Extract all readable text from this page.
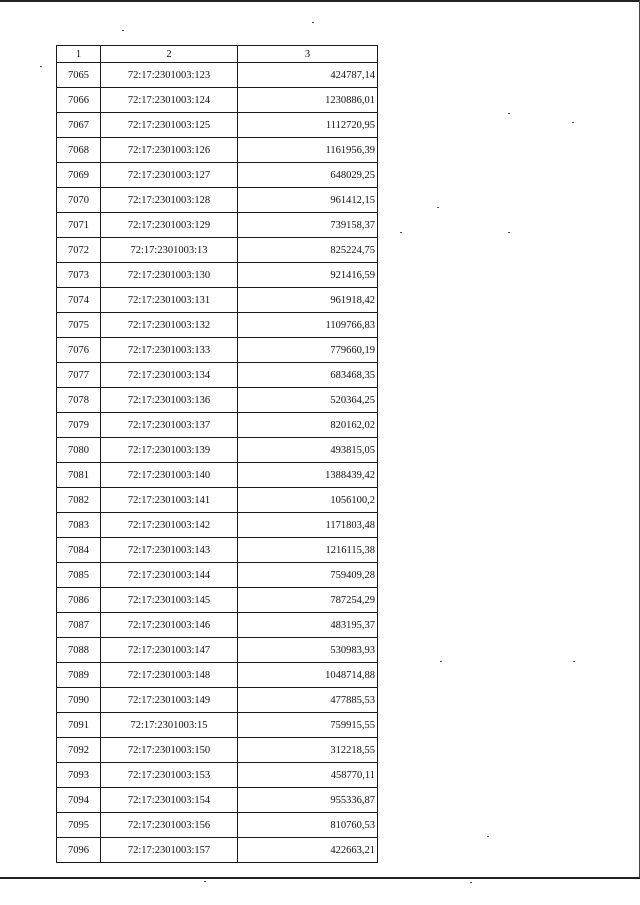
1	2	3
7065	72:17:2301003:123	424787,14
7066	72:17:2301003:124	1230886,01
7067	72:17:2301003:125	1112720,95
7068	72:17:2301003:126	1161956,39
7069	72:17:2301003:127	648029,25
7070	72:17:2301003:128	961412,15
7071	72:17:2301003:129	739158,37
7072	72:17:2301003:13	825224,75
7073	72:17:2301003:130	921416,59
7074	72:17:2301003:131	961918,42
7075	72:17:2301003:132	1109766,83
7076	72:17:2301003:133	779660,19
7077	72:17:2301003:134	683468,35
7078	72:17:2301003:136	520364,25
7079	72:17:2301003:137	820162,02
7080	72:17:2301003:139	493815,05
7081	72:17:2301003:140	1388439,42
7082	72:17:2301003:141	1056100,2
7083	72:17:2301003:142	1171803,48
7084	72:17:2301003:143	1216115,38
7085	72:17:2301003:144	759409,28
7086	72:17:2301003:145	787254,29
7087	72:17:2301003:146	483195,37
7088	72:17:2301003:147	530983,93
7089	72:17:2301003:148	1048714,88
7090	72:17:2301003:149	477885,53
7091	72:17:2301003:15	759915,55
7092	72:17:2301003:150	312218,55
7093	72:17:2301003:153	458770,11
7094	72:17:2301003:154	955336,87
7095	72:17:2301003:156	810760,53
7096	72:17:2301003:157	422663,21
